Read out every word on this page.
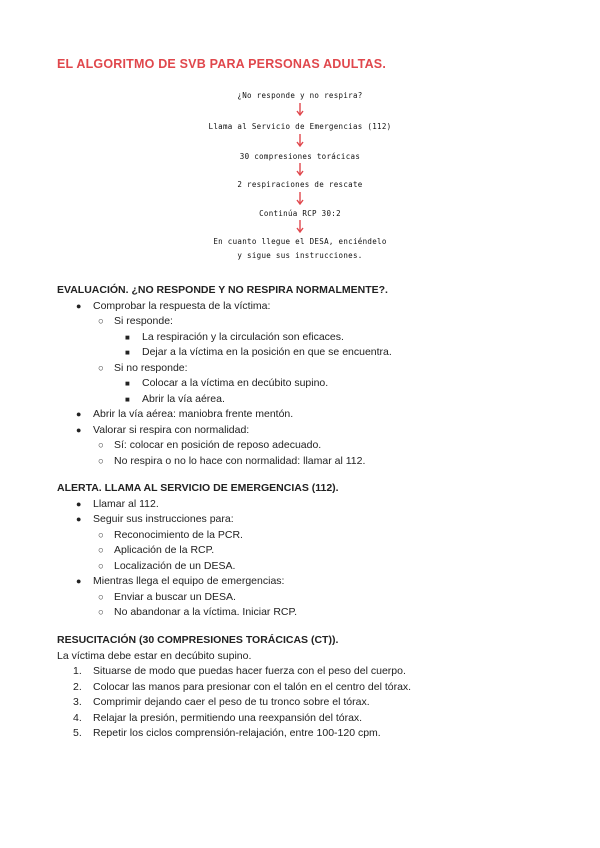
EL ALGORITMO DE SVB PARA PERSONAS ADULTAS.
¿No responde y no respira?
Llama al Servicio de Emergencias (112)
30 compresiones torácicas
2 respiraciones de rescate
Continúa RCP 30:2
En cuanto llegue el DESA, enciéndelo
y sigue sus instrucciones.
EVALUACIÓN. ¿NO RESPONDE Y NO RESPIRA NORMALMENTE?.
● Comprobar la respuesta de la víctima:
○ Si responde:
■ La respiración y la circulación son eficaces.
■ Dejar a la víctima en la posición en que se encuentra.
○ Si no responde:
■ Colocar a la víctima en decúbito supino.
■ Abrir la vía aérea.
● Abrir la vía aérea: maniobra frente mentón.
● Valorar si respira con normalidad:
○ Sí: colocar en posición de reposo adecuado.
○ No respira o no lo hace con normalidad: llamar al 112.
ALERTA. LLAMA AL SERVICIO DE EMERGENCIAS (112).
● Llamar al 112.
● Seguir sus instrucciones para:
○ Reconocimiento de la PCR.
○ Aplicación de la RCP.
○ Localización de un DESA.
● Mientras llega el equipo de emergencias:
○ Enviar a buscar un DESA.
○ No abandonar a la víctima. Iniciar RCP.
RESUCITACIÓN (30 COMPRESIONES TORÁCICAS (CT)).
La víctima debe estar en decúbito supino.
1. Situarse de modo que puedas hacer fuerza con el peso del cuerpo.
2. Colocar las manos para presionar con el talón en el centro del tórax.
3. Comprimir dejando caer el peso de tu tronco sobre el tórax.
4. Relajar la presión, permitiendo una reexpansión del tórax.
5. Repetir los ciclos comprensión-relajación, entre 100-120 cpm.
